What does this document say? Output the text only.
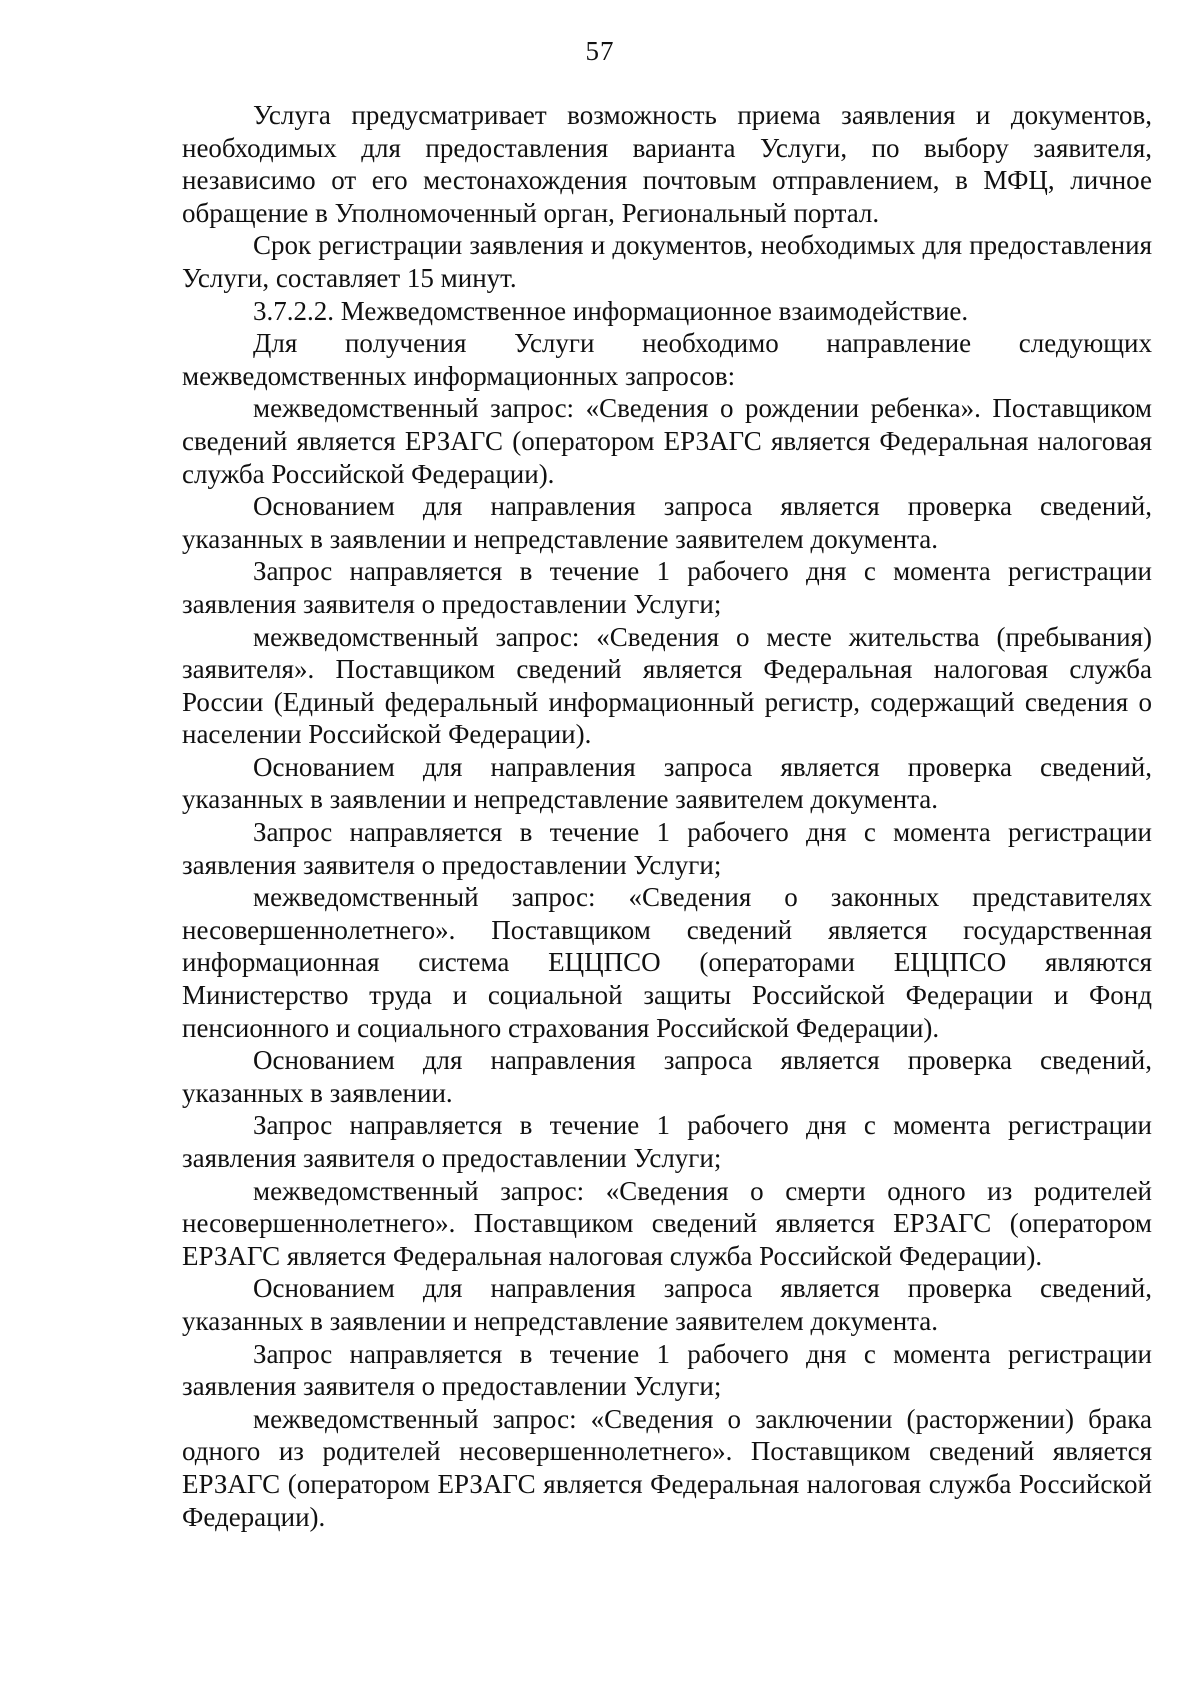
57

Услуга предусматривает возможность приема заявления и документов, необходимых для предоставления варианта Услуги, по выбору заявителя, независимо от его местонахождения почтовым отправлением, в МФЦ, личное обращение в Уполномоченный орган, Региональный портал.

Срок регистрации заявления и документов, необходимых для предоставления Услуги, составляет 15 минут.

3.7.2.2. Межведомственное информационное взаимодействие.

Для получения Услуги необходимо направление следующих межведомственных информационных запросов:

межведомственный запрос: «Сведения о рождении ребенка». Поставщиком сведений является ЕРЗАГС (оператором ЕРЗАГС является Федеральная налоговая служба Российской Федерации).

Основанием для направления запроса является проверка сведений, указанных в заявлении и непредставление заявителем документа.

Запрос направляется в течение 1 рабочего дня с момента регистрации заявления заявителя о предоставлении Услуги;

межведомственный запрос: «Сведения о месте жительства (пребывания) заявителя». Поставщиком сведений является Федеральная налоговая служба России (Единый федеральный информационный регистр, содержащий сведения о населении Российской Федерации).

Основанием для направления запроса является проверка сведений, указанных в заявлении и непредставление заявителем документа.

Запрос направляется в течение 1 рабочего дня с момента регистрации заявления заявителя о предоставлении Услуги;

межведомственный запрос: «Сведения о законных представителях несовершеннолетнего». Поставщиком сведений является государственная информационная система ЕЦЦПСО (операторами ЕЦЦПСО являются Министерство труда и социальной защиты Российской Федерации и Фонд пенсионного и социального страхования Российской Федерации).

Основанием для направления запроса является проверка сведений, указанных в заявлении.

Запрос направляется в течение 1 рабочего дня с момента регистрации заявления заявителя о предоставлении Услуги;

межведомственный запрос: «Сведения о смерти одного из родителей несовершеннолетнего». Поставщиком сведений является ЕРЗАГС (оператором ЕРЗАГС является Федеральная налоговая служба Российской Федерации).

Основанием для направления запроса является проверка сведений, указанных в заявлении и непредставление заявителем документа.

Запрос направляется в течение 1 рабочего дня с момента регистрации заявления заявителя о предоставлении Услуги;

межведомственный запрос: «Сведения о заключении (расторжении) брака одного из родителей несовершеннолетнего». Поставщиком сведений является ЕРЗАГС (оператором ЕРЗАГС является Федеральная налоговая служба Российской Федерации).
